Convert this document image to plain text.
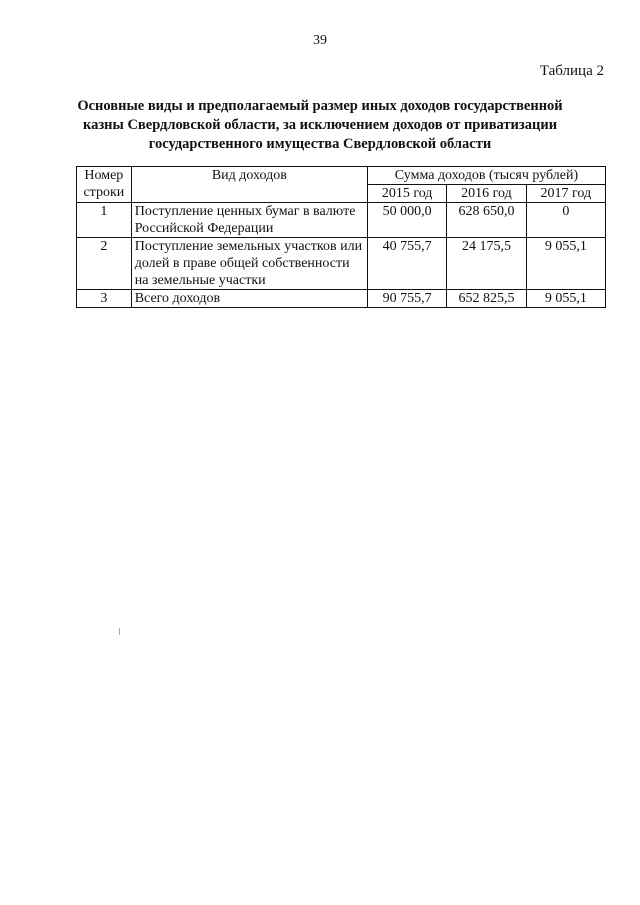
39
Таблица 2
Основные виды и предполагаемый размер иных доходов государственной
казны Свердловской области, за исключением доходов от приватизации
государственного имущества Свердловской области
Номер
строки	Вид доходов	Сумма доходов (тысяч рублей)		
		2015 год	2016 год	2017 год
1	Поступление ценных бумаг в валюте Российской Федерации	50 000,0	628 650,0	0
2	Поступление земельных участков или долей в праве общей собственности на земельные участки	40 755,7	24 175,5	9 055,1
3	Всего доходов	90 755,7	652 825,5	9 055,1
